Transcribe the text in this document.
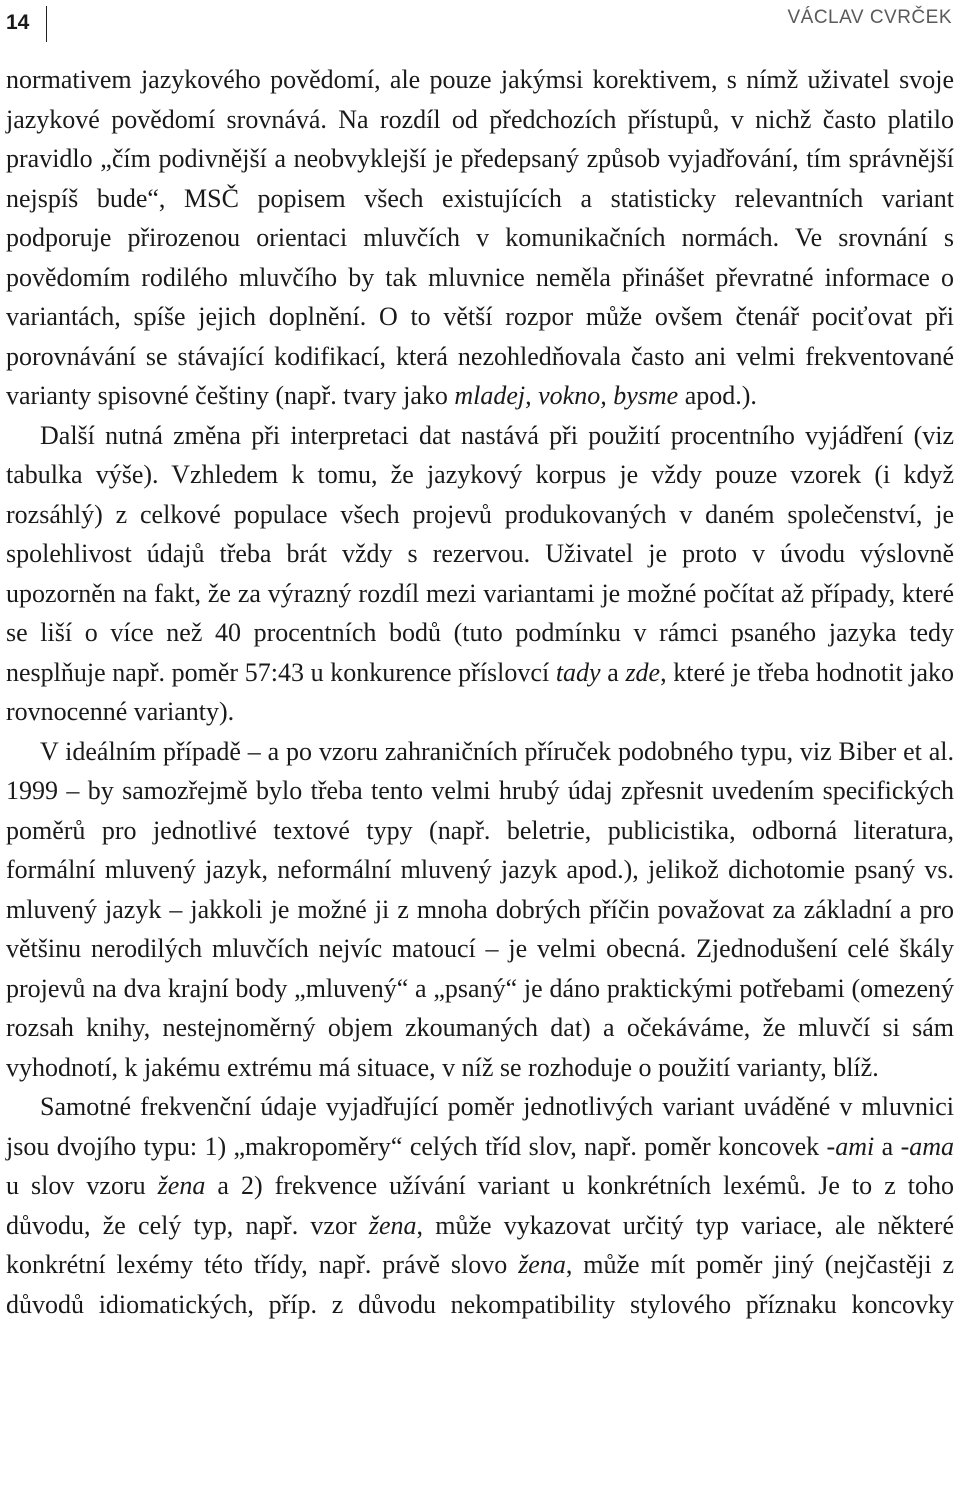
14	VÁCLAV CVRČEK

normativem jazykového povědomí, ale pouze jakýmsi korektivem, s nímž uživatel svoje jazykové povědomí srovnává. Na rozdíl od předchozích přístupů, v nichž často platilo pravidlo „čím podivnější a neobvyklejší je předepsaný způsob vyjadřování, tím správnější nejspíš bude“, MSČ popisem všech existujících a statisticky relevantních variant podporuje přirozenou orientaci mluvčích v komunikačních normách. Ve srovnání s povědomím rodilého mluvčího by tak mluvnice neměla přinášet převratné informace o variantách, spíše jejich doplnění. O to větší rozpor může ovšem čtenář pociťovat při porovnávání se stávající kodifikací, která nezohledňovala často ani velmi frekventované varianty spisovné češtiny (např. tvary jako mladej, vokno, bysme apod.).

Další nutná změna při interpretaci dat nastává při použití procentního vyjádření (viz tabulka výše). Vzhledem k tomu, že jazykový korpus je vždy pouze vzorek (i když rozsáhlý) z celkové populace všech projevů produkovaných v daném společenství, je spolehlivost údajů třeba brát vždy s rezervou. Uživatel je proto v úvodu výslovně upozorněn na fakt, že za výrazný rozdíl mezi variantami je možné počítat až případy, které se liší o více než 40 procentních bodů (tuto podmínku v rámci psaného jazyka tedy nesplňuje např. poměr 57:43 u konkurence příslovcí tady a zde, které je třeba hodnotit jako rovnocenné varianty).

V ideálním případě – a po vzoru zahraničních příruček podobného typu, viz Biber et al. 1999 – by samozřejmě bylo třeba tento velmi hrubý údaj zpřesnit uvedením specifických poměrů pro jednotlivé textové typy (např. beletrie, publicistika, odborná literatura, formální mluvený jazyk, neformální mluvený jazyk apod.), jelikož dichotomie psaný vs. mluvený jazyk – jakkoli je možné ji z mnoha dobrých příčin považovat za základní a pro většinu nerodilých mluvčích nejvíc matoucí – je velmi obecná. Zjednodušení celé škály projevů na dva krajní body „mluvený“ a „psaný“ je dáno praktickými potřebami (omezený rozsah knihy, nestejnoměrný objem zkoumaných dat) a očekáváme, že mluvčí si sám vyhodnotí, k jakému extrému má situace, v níž se rozhoduje o použití varianty, blíž.

Samotné frekvenční údaje vyjadřující poměr jednotlivých variant uváděné v mluvnici jsou dvojího typu: 1) „makropoměry“ celých tříd slov, např. poměr koncovek -ami a -ama u slov vzoru žena a 2) frekvence užívání variant u konkrétních lexémů. Je to z toho důvodu, že celý typ, např. vzor žena, může vykazovat určitý typ variace, ale některé konkrétní lexémy této třídy, např. právě slovo žena, může mít poměr jiný (nejčastěji z důvodů idiomatických, příp. z důvodu nekompatibility stylového příznaku koncovky
